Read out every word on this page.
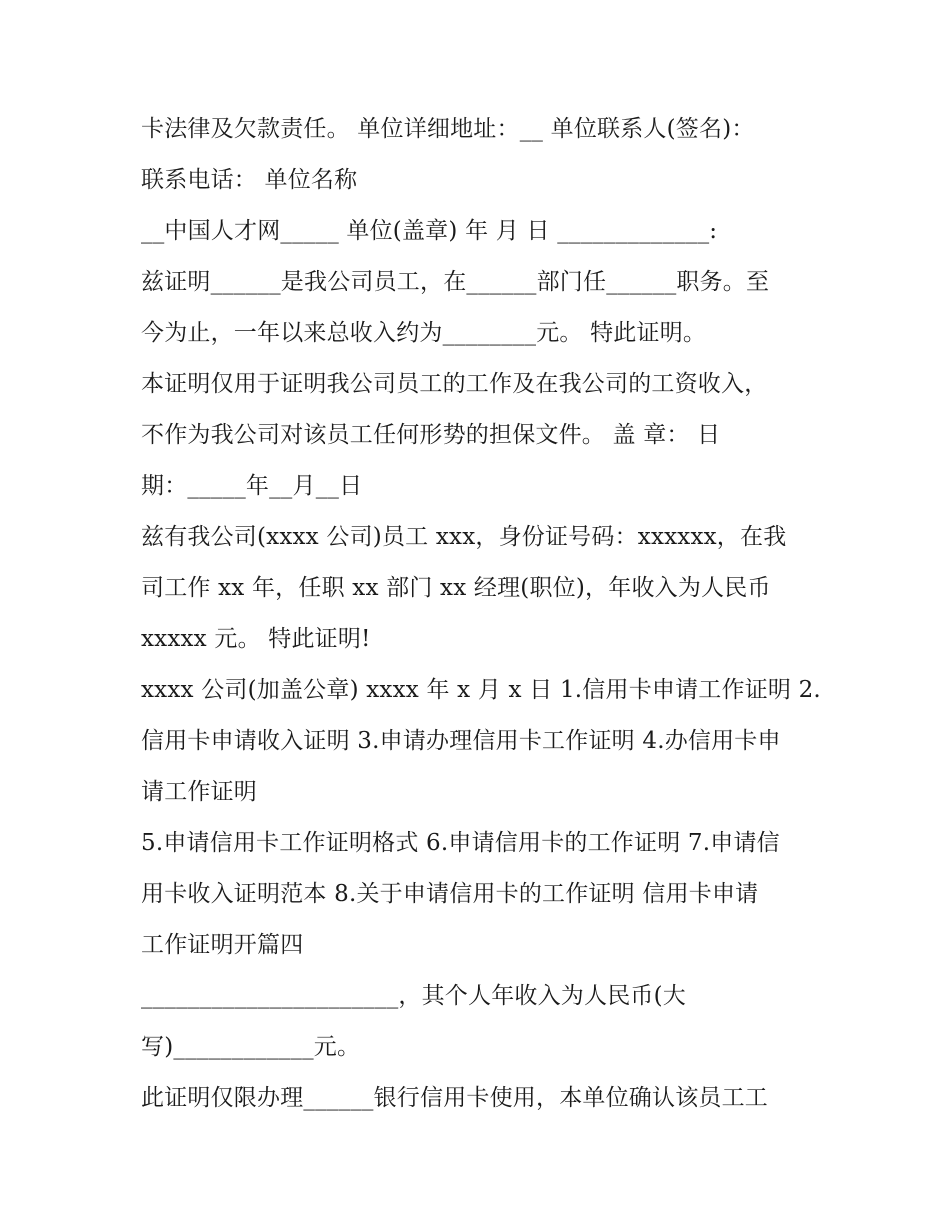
卡法律及欠款责任。 单位详细地址：__ 单位联系人(签名)：
联系电话： 单位名称
__中国人才网_____ 单位(盖章) 年 月 日 _____________:
兹证明______是我公司员工，在______部门任______职务。至
今为止，一年以来总收入约为________元。 特此证明。
本证明仅用于证明我公司员工的工作及在我公司的工资收入，
不作为我公司对该员工任何形势的担保文件。 盖 章： 日
期：_____年__月__日
兹有我公司(xxxx 公司)员工 xxx，身份证号码：xxxxxx，在我
司工作 xx 年，任职 xx 部门 xx 经理(职位)，年收入为人民币
xxxxx 元。 特此证明!
xxxx 公司(加盖公章) xxxx 年 x 月 x 日 1.信用卡申请工作证明 2.
信用卡申请收入证明 3.申请办理信用卡工作证明 4.办信用卡申
请工作证明
5.申请信用卡工作证明格式 6.申请信用卡的工作证明 7.申请信
用卡收入证明范本 8.关于申请信用卡的工作证明 信用卡申请
工作证明开篇四
______________________，其个人年收入为人民币(大
写)____________元。
此证明仅限办理______银行信用卡使用，本单位确认该员工工
